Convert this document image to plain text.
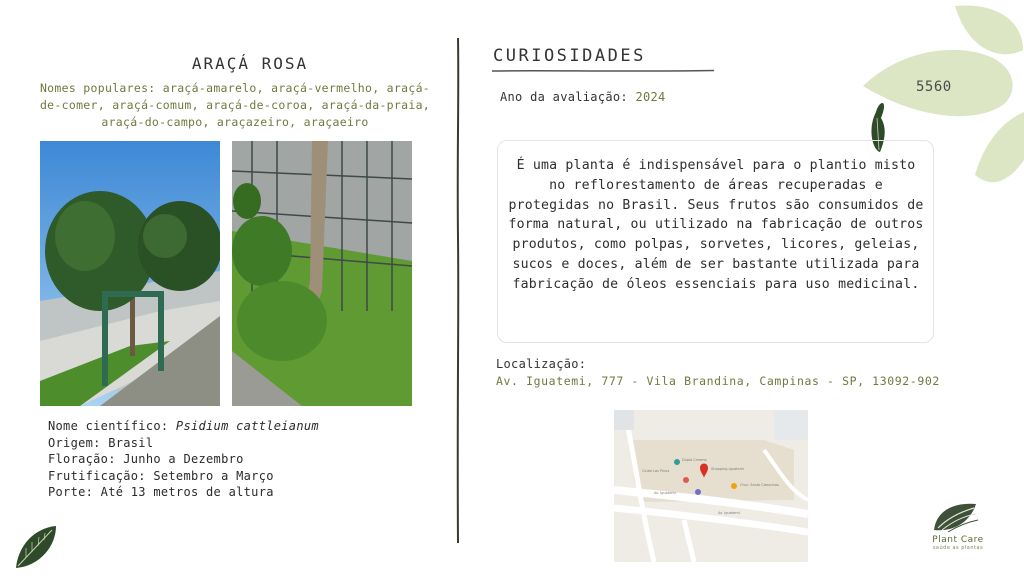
ARAÇÁ ROSA
Nomes populares: araçá-amarelo, araçá-vermelho, araçá-de-comer, araçá-comum, araçá-de-coroa, araçá-da-praia, araçá-do-campo, araçazeiro, araçaeiro
Nome científico: Psidium cattleianum
Origem: Brasil
Floração: Junho a Dezembro
Frutificação: Setembro a Março
Porte: Até 13 metros de altura
CURIOSIDADES
Ano da avaliação: 2024
É uma planta é indispensável para o plantio misto no reflorestamento de áreas recuperadas e protegidas no Brasil. Seus frutos são consumidos de forma natural, ou utilizado na fabricação de outros produtos, como polpas, sorvetes, licores, geleias, sucos e doces, além de ser bastante utilizada para fabricação de óleos essenciais para uso medicinal.
Localização:
Av. Iguatemi, 777 - Vila Brandina, Campinas - SP, 13092-902
Duplo Cinema
Clube Los Pinos	Shopping Iguatemi
Chur. Santo Campinas
Av. Iguatemi
Av. Iguatemi
5560
Plant Care
saúde as plantas
